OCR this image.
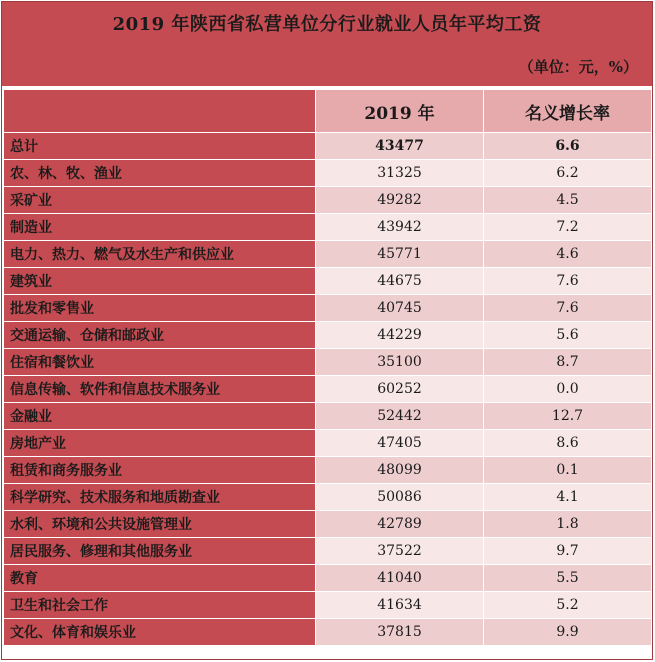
2019 年陕西省私营单位分行业就业人员年平均工资
（单位：元，%）
	2019 年	名义增长率
总计	43477	6.6
农、林、牧、渔业	31325	6.2
采矿业	49282	4.5
制造业	43942	7.2
电力、热力、燃气及水生产和供应业	45771	4.6
建筑业	44675	7.6
批发和零售业	40745	7.6
交通运输、仓储和邮政业	44229	5.6
住宿和餐饮业	35100	8.7
信息传输、软件和信息技术服务业	60252	0.0
金融业	52442	12.7
房地产业	47405	8.6
租赁和商务服务业	48099	0.1
科学研究、技术服务和地质勘查业	50086	4.1
水利、环境和公共设施管理业	42789	1.8
居民服务、修理和其他服务业	37522	9.7
教育	41040	5.5
卫生和社会工作	41634	5.2
文化、体育和娱乐业	37815	9.9
